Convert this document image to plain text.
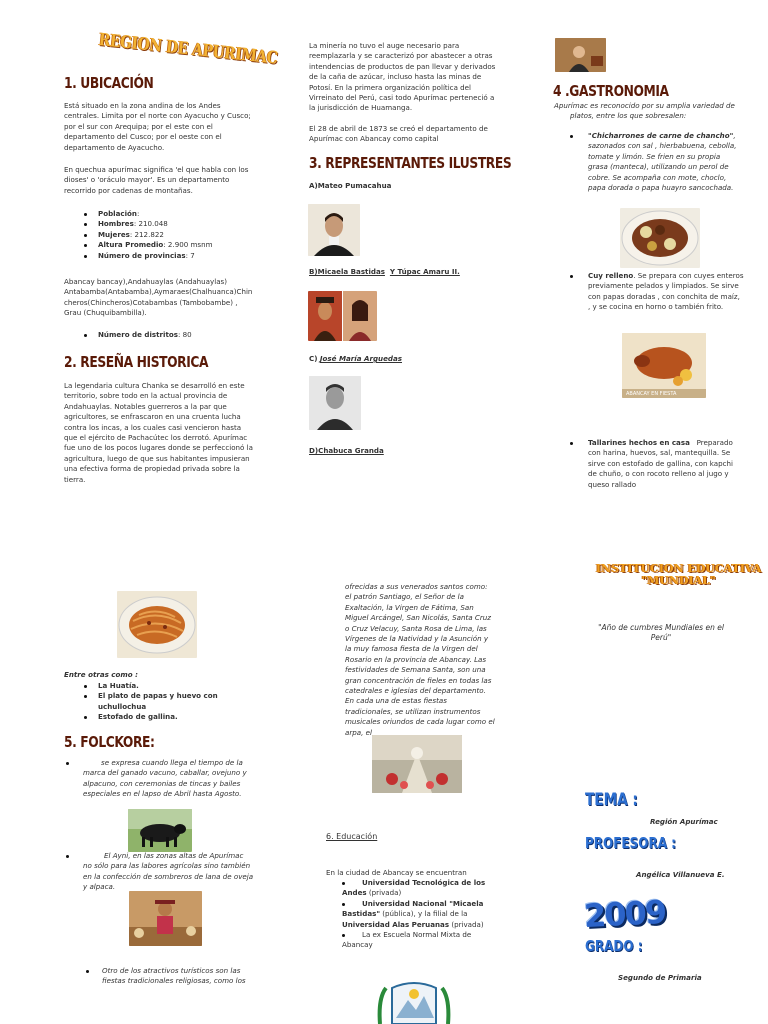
REGION DE APURIMAC
1. UBICACIÓN
Está situado en la zona andina de los Andes
centrales. Limita por el norte con Ayacucho y Cusco;
por el sur con Arequipa; por el este con el
departamento del Cusco; por el oeste con el
departamento de Ayacucho.
En quechua apurímac significa 'el que habla con los
dioses' o 'oráculo mayor'. Es un departamento
recorrido por cadenas de montañas.
Población:
Hombres: 210.048
Mujeres: 212.822
Altura Promedio: 2.900 msnm
Número de provincias: 7
Abancay bancay),Andahuaylas (Andahuaylas)
Antabamba(Antabamba),Aymaraes(Chalhuanca)Chin
cheros(Chincheros)Cotabambas (Tambobambe) ,
Grau (Chuquibambilla).
Número de distritos: 80
2. RESEÑA HISTORICA
La legendaria cultura Chanka se desarrolló en este
territorio, sobre todo en la actual provincia de
Andahuaylas. Notables guerreros a la par que
agricultores, se enfrascaron en una cruenta lucha
contra los incas, a los cuales casi vencieron hasta
que el ejército de Pachacútec los derrotó. Apurímac
fue uno de los pocos lugares donde se perfeccionó la
agricultura, luego de que sus habitantes impusieran
una efectiva forma de propiedad privada sobre la
tierra.
Entre otras como :
La Huatía.
El plato de papas y huevo con
uchullochua
Estofado de gallina.
5. FOLCKORE:
se expresa cuando llega el tiempo de la
marca del ganado vacuno, caballar, ovejuno y
alpacuno, con ceremonias de tincas y bailes
especiales en el lapso de Abril hasta Agosto.
El Ayni, en las zonas altas de Apurímac
no sólo para las labores agrícolas sino también
en la confección de sombreros de lana de oveja
y alpaca.
Otro de los atractivos turísticos son las
fiestas tradicionales religiosas, como los
La minería no tuvo el auge necesario para
reemplazarla y se caracterizó por abastecer a otras
intendencias de productos de pan llevar y derivados
de la caña de azúcar, incluso hasta las minas de
Potosí. En la primera organización política del
Virreinato del Perú, casi todo Apurímac perteneció a
la jurisdicción de Huamanga.
El 28 de abril de 1873 se creó el departamento de
Apurímac con Abancay como capital
3. REPRESENTANTES ILUSTRES
A)Mateo Pumacahua
B)Micaela Bastidas Y Túpac Amaru II.
C) José María Arguedas
D)Chabuca Granda
ofrecidas a sus venerados santos como:
el patrón Santiago, el Señor de la
Exaltación, la Virgen de Fátima, San
Miguel Arcángel, San Nicolás, Santa Cruz
o Cruz Velacuy, Santa Rosa de Lima, las
Vírgenes de la Natividad y la Asunción y
la muy famosa fiesta de la Virgen del
Rosario en la provincia de Abancay. Las
festividades de Semana Santa, son una
gran concentración de fieles en todas las
catedrales e iglesias del departamento.
En cada una de estas fiestas
tradicionales, se utilizan instrumentos
musicales oriundos de cada lugar como el
arpa, el
6. Educación
En la ciudad de Abancay se encuentran
Universidad Tecnológica de los
Andes (privada)
Universidad Nacional "Micaela
Bastidas" (pública), y la filial de la
Universidad Alas Peruanas (privada)
La ex Escuela Normal Mixta de
Abancay
4 .GASTRONOMIA
Apurímac es reconocido por su amplia variedad de
platos, entre los que sobresalen:
"Chicharrones de carne de chancho", sazonados con sal , hierbabuena, cebolla,
tomate y limón. Se frien en su propia
grasa (manteca), utilizando un perol de
cobre. Se acompaña con mote, choclo,
papa dorada o papa huayro sancochada.
Cuy relleno. Se prepara con cuyes enteros
previamente pelados y limpiados. Se sirve
con papas doradas , con conchita de maíz,
, y se cocina en horno o también frito.
ABANCAY EN FIESTA
Tallarines hechos en casa Preparado
con harina, huevos, sal, mantequilla. Se
sirve con estofado de gallina, con kapchi
de chuño, o con rocoto relleno al jugo y
queso rallado
INSTITUCION EDUCATIVA
"MUNDIAL"
"Año de cumbres Mundiales en el
Perú"
TEMA :
Región Apurímac
PROFESORA :
Angélica Villanueva E.
2009
GRADO :
Segundo de Primaria
